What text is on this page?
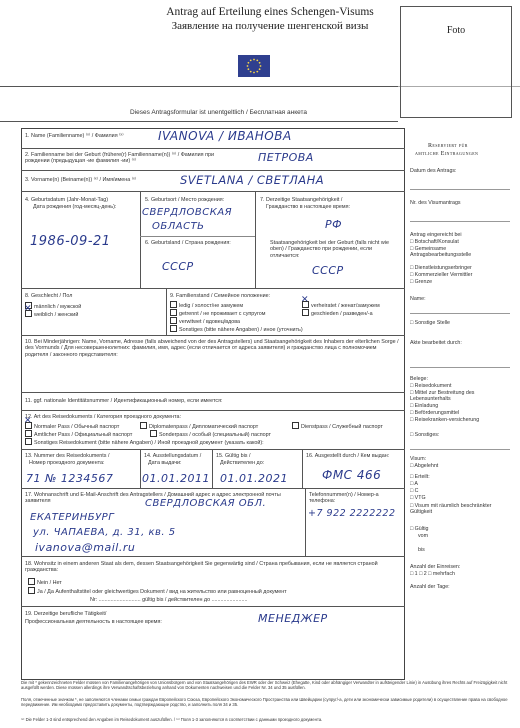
Antrag auf Erteilung eines Schengen-Visums
Заявление на получение шенгенской визы	Foto
Dieses Antragsformular ist unentgeltlich / Бесплатная анкета
1. Name (Familienname) ⁽ˣ⁾ / Фамилия ⁽ˣ⁾	IVANOVA / ИВАНОВА
2. Familienname bei der Geburt (frühere(r) Familienname(n)) ⁽ˣ⁾ / Фамилия при рождении (предыдущая -ие фамилия -ии) ⁽ˣ⁾	ПЕТРОВА
3. Vorname(n) (Beiname(n)) ⁽ˣ⁾ / Имя/имена ⁽ˣ⁾	SVETLANA / СВЕТЛАНА
4. Geburtsdatum (Jahr-Monat-Tag)
Дата рождения (год-месяц-день):
1986-09-21
5. Geburtsort / Место рождения:
СВЕРДЛОВСКАЯ
ОБЛАСТЬ
6. Geburtsland / Страна рождения:
СССР
7. Derzeitige Staatsangehörigkeit /
Гражданство в настоящее время:
РФ
Staatsangehörigkeit bei der Geburt (falls nicht wie oben) / Гражданство при рождении, если отличается:
СССР
8. Geschlecht / Пол
männlich / мужской
✕weiblich / женский
9. Familienstand / Семейное положение:
ledig / холост/не замужем
getrennt / не проживает с супругом
verwitwet / вдовец/вдова
Sonstiges (bitte nähere Angaben) / иное (уточнить)
✕verheiratet / женат/замужем
geschieden / разведен/-а
10. Bei Minderjährigen: Name, Vorname, Adresse (falls abweichend von der des Antragstellers) und Staatsangehörigkeit des Inhabers der elterlichen Sorge / des Vormunds / Для несовершеннолетних: фамилия, имя, адрес (если отличается от адреса заявителя) и гражданство лица с полномочием родителя / законного представителя:
11. ggf. nationale Identitätsnummer / Идентификационный номер, если имеется:
12. Art des Reisedokuments / Категория проездного документа:
✕Normaler Pass / Обычный паспорт	Diplomatenpass / Дипломатический паспорт	Dienstpass / Служебный паспорт
Amtlicher Pass / Официальный паспорт	Sonderpass / особый (специальный) паспорт
Sonstiges Reisedokument (bitte nähere Angaben) / Иной проездной документ (указать какой):
13. Nummer des Reisedokuments /
Номер проездного документа:
71 № 1234567
14. Ausstellungsdatum /
Дата выдачи:
01.01.2011
15. Gültig bis /
Действителен до:
01.01.2021
16. Ausgestellt durch / Кем выдан:
ФМС 466
17. Wohnanschrift und E-Mail-Anschrift des Antragstellers / Домашний адрес и адрес электронной почты заявителя	СВЕРДЛОВСКАЯ ОБЛ.
ЕКАТЕРИНБУРГ
ул. ЧАПАЕВА, д. 31, кв. 5
ivanova@mail.ru
Telefonnummer(n) / Номер-а телефона:
+7 922 2222222
18. Wohnsitz in einem anderen Staat als dem, dessen Staatsangehörigkeit Sie gegenwärtig sind / Страна пребывания, если не является страной гражданства:
Nein / Нет
Ja / Да Aufenthaltstitel oder gleichwertiges Dokument / вид на жительство или равноценный документ
Nr: ............................ gültig bis / действителен до ........................
19. Derzeitige berufliche Tätigkeit/
Профессиональная деятельность в настоящее время:	МЕНЕДЖЕР
Reserviert für
amtliche Eintragungen
Datum des Antrags:
Nr. des Visumantrags
Antrag eingereicht bei
□ Botschaft/Konsulat
□ Gemeinsame Antragsbearbeitungsstelle
□ Dienstleistungserbringer
□ Kommerzieller Vermittler
□ Grenze
Name:
□ Sonstige Stelle
Akte bearbeitet durch:
Belege:
□ Reisedokument
□ Mittel zur Bestreitung des Lebensunterhalts
□ Einladung
□ Beförderungsmittel
□ Reisekranken-versicherung
□ Sonstiges:
Visum:
□ Abgelehnt
□ Erteilt:
□ A
□ C
□ VTG
□ Visum mit räumlich beschränkter Gültigkeit
□ Gültig
vom
bis
Anzahl der Einreisen:
□ 1 □ 2 □ mehrfach
Anzahl der Tage:
Die mit * gekennzeichneten Felder müssen von Familienangehörigen von Unionsbürgern und von Staatsangehörigen des EWR oder der Schweiz (Ehegatte, Kind oder abhängiger Verwandter in aufsteigender Linie) in Ausübung ihres Rechts auf Freizügigkeit nicht ausgefüllt werden. Diese müssen allerdings ihre Verwandtschaftsbeziehung anhand von Dokumenten nachweisen und die Felder Nr. 34 und 35 ausfüllen.
Поля, отмеченные значком *, не заполняются членами семьи граждан Европейского Союза, Европейского Экономического Пространства или Швейцарии (супруг/-а, дети или экономически зависимые родители) в осуществление права на свободное передвижение. Им необходимо предоставить документы, подтверждающие родство, и заполнить поля 34 и 35.
⁽ˣ⁾ Die Felder 1-3 sind entsprechend den Angaben im Reisedokument auszufüllen. / ⁽ˣ⁾ Поля 1-3 заполняются в соответствии с данными проездного документа.
